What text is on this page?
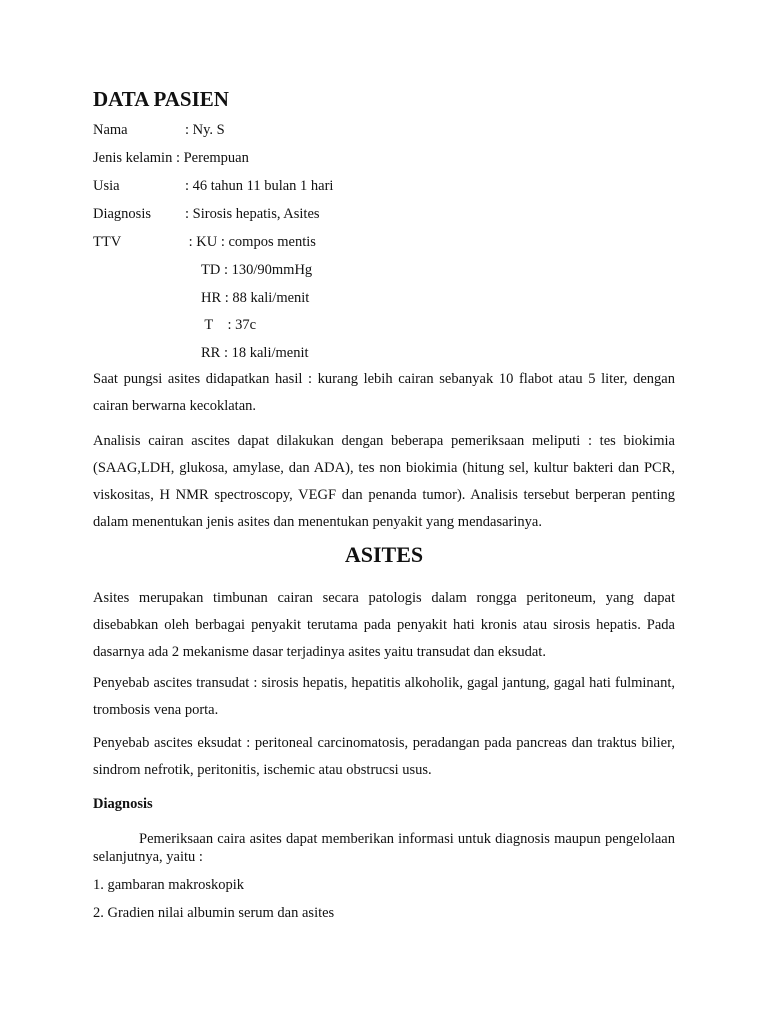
DATA PASIEN
Nama	: Ny. S
Jenis kelamin : Perempuan
Usia	: 46 tahun 11 bulan 1 hari
Diagnosis : Sirosis hepatis, Asites
TTV	: KU : compos mentis
TD : 130/90mmHg
HR : 88 kali/menit
T    : 37c
RR : 18 kali/menit

Saat pungsi asites didapatkan hasil : kurang lebih cairan sebanyak 10 flabot atau 5 liter, dengan cairan berwarna kecoklatan.

Analisis cairan ascites dapat dilakukan dengan beberapa pemeriksaan meliputi : tes biokimia (SAAG,LDH, glukosa, amylase, dan ADA), tes non biokimia (hitung sel, kultur bakteri dan PCR, viskositas, H NMR spectroscopy, VEGF dan penanda tumor). Analisis tersebut berperan penting dalam menentukan jenis asites dan menentukan penyakit yang mendasarinya.

ASITES

Asites merupakan timbunan cairan secara patologis dalam rongga peritoneum, yang dapat disebabkan oleh berbagai penyakit terutama pada penyakit hati kronis atau sirosis hepatis. Pada dasarnya ada 2 mekanisme dasar terjadinya asites yaitu transudat dan eksudat.

Penyebab ascites transudat : sirosis hepatis, hepatitis alkoholik, gagal jantung, gagal hati fulminant, trombosis vena porta.

Penyebab ascites eksudat : peritoneal carcinomatosis, peradangan pada pancreas dan traktus bilier, sindrom nefrotik, peritonitis, ischemic atau obstrucsi usus.

Diagnosis

Pemeriksaan caira asites dapat memberikan informasi untuk diagnosis maupun pengelolaan selanjutnya, yaitu :

1. gambaran makroskopik
2. Gradien nilai albumin serum dan asites
